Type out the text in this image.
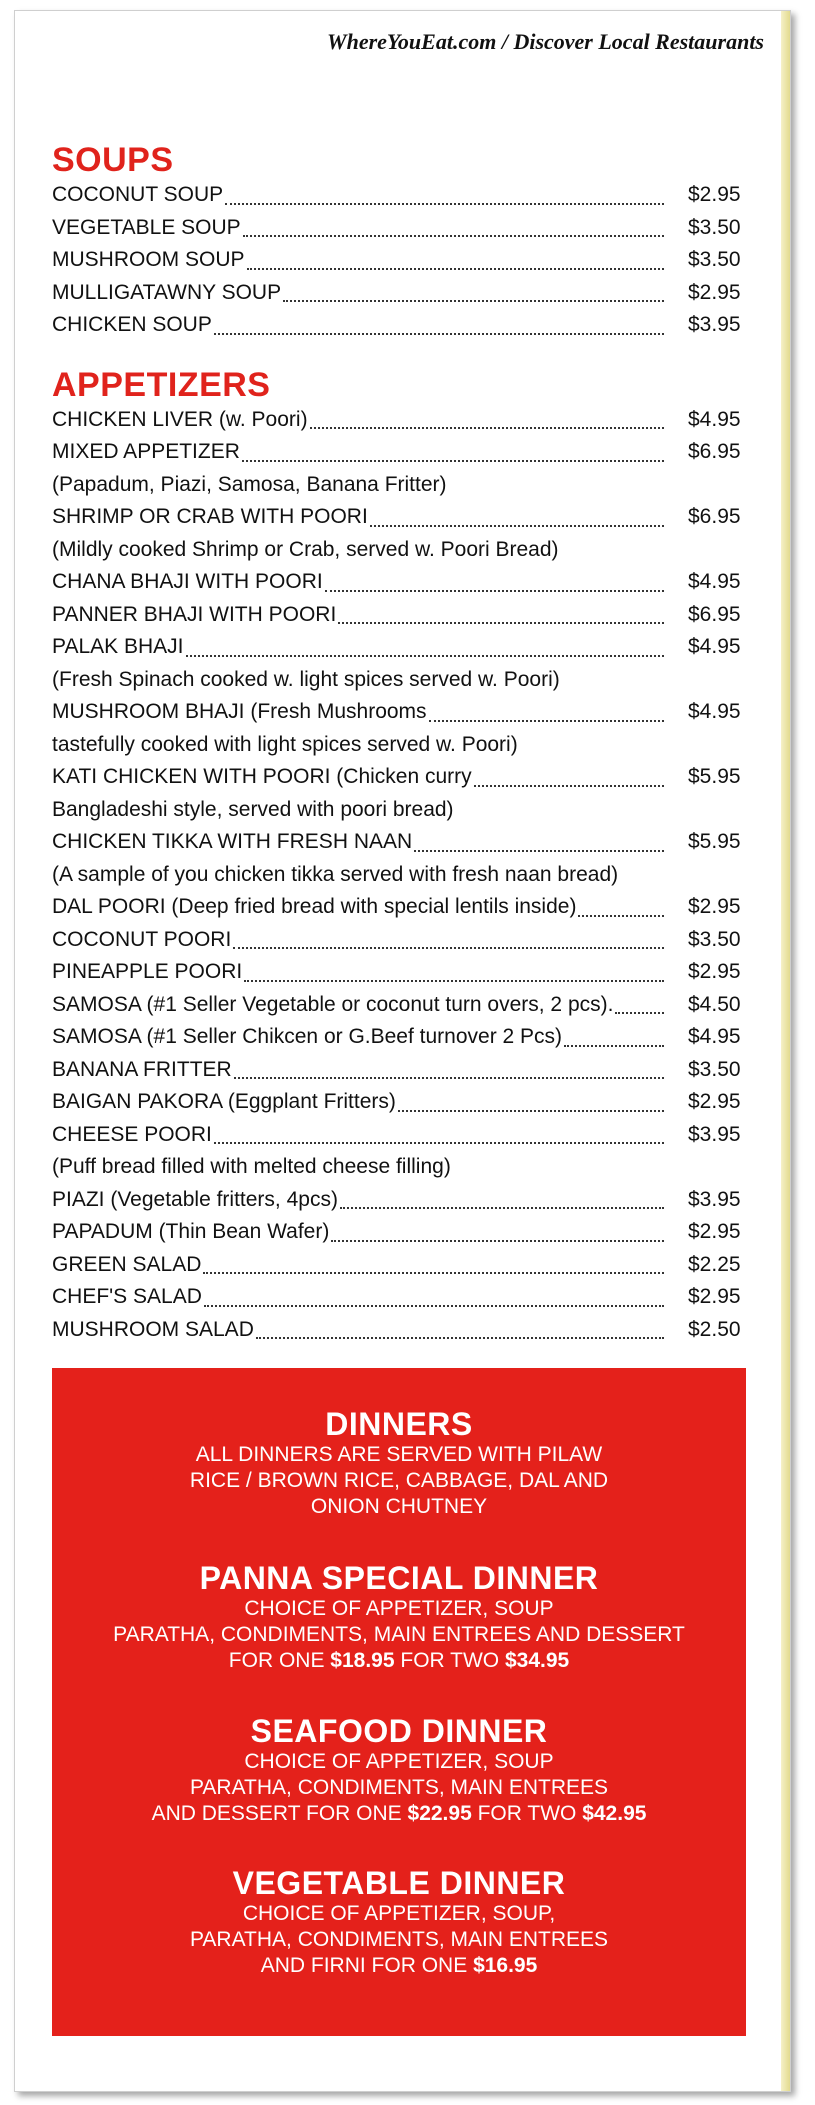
WhereYouEat.com / Discover Local Restaurants
SOUPS
COCONUT SOUP	$2.95
VEGETABLE SOUP	$3.50
MUSHROOM SOUP	$3.50
MULLIGATAWNY SOUP	$2.95
CHICKEN SOUP	$3.95
APPETIZERS
CHICKEN LIVER (w. Poori)	$4.95
MIXED APPETIZER	$6.95
(Papadum, Piazi, Samosa, Banana Fritter)
SHRIMP OR CRAB WITH POORI	$6.95
(Mildly cooked Shrimp or Crab, served w. Poori Bread)
CHANA BHAJI WITH POORI	$4.95
PANNER BHAJI WITH POORI	$6.95
PALAK BHAJI	$4.95
(Fresh Spinach cooked w. light spices served w. Poori)
MUSHROOM BHAJI (Fresh Mushrooms	$4.95
tastefully cooked with light spices served w. Poori)
KATI CHICKEN WITH POORI (Chicken curry	$5.95
Bangladeshi style, served with poori bread)
CHICKEN TIKKA WITH FRESH NAAN	$5.95
(A sample of you chicken tikka served with fresh naan bread)
DAL POORI (Deep fried bread with special lentils inside)	$2.95
COCONUT POORI	$3.50
PINEAPPLE POORI	$2.95
SAMOSA (#1 Seller Vegetable or coconut turn overs, 2 pcs).	$4.50
SAMOSA (#1 Seller Chikcen or G.Beef turnover 2 Pcs)	$4.95
BANANA FRITTER	$3.50
BAIGAN PAKORA (Eggplant Fritters)	$2.95
CHEESE POORI	$3.95
(Puff bread filled with melted cheese filling)
PIAZI (Vegetable fritters, 4pcs)	$3.95
PAPADUM (Thin Bean Wafer)	$2.95
GREEN SALAD	$2.25
CHEF'S SALAD	$2.95
MUSHROOM SALAD	$2.50
DINNERS
ALL DINNERS ARE SERVED WITH PILAW
RICE / BROWN RICE, CABBAGE, DAL AND
ONION CHUTNEY
PANNA SPECIAL DINNER
CHOICE OF APPETIZER, SOUP
PARATHA, CONDIMENTS, MAIN ENTREES AND DESSERT
FOR ONE $18.95 FOR TWO $34.95
SEAFOOD DINNER
CHOICE OF APPETIZER, SOUP
PARATHA, CONDIMENTS, MAIN ENTREES
AND DESSERT FOR ONE $22.95 FOR TWO $42.95
VEGETABLE DINNER
CHOICE OF APPETIZER, SOUP,
PARATHA, CONDIMENTS, MAIN ENTREES
AND FIRNI FOR ONE $16.95
